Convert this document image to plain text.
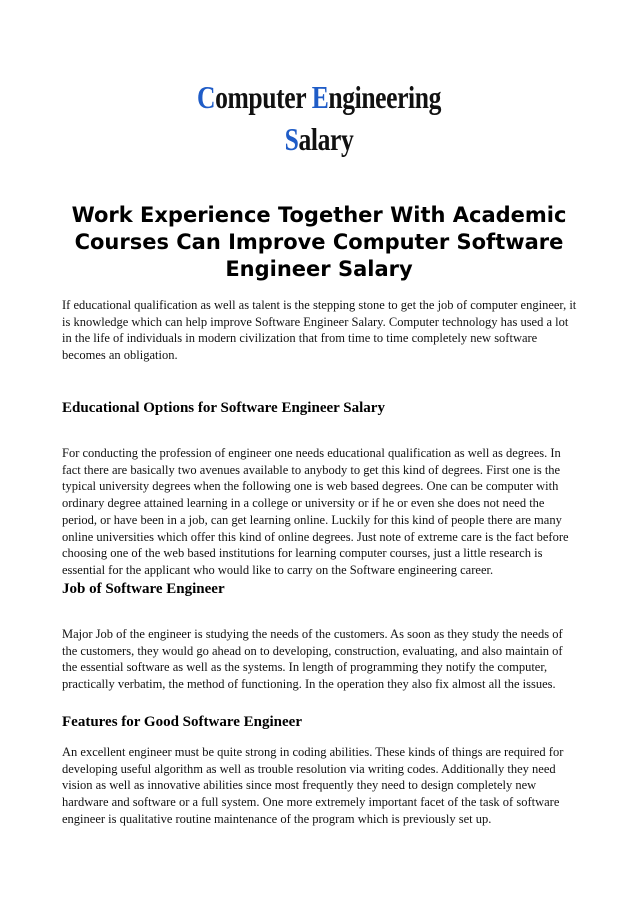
Computer Engineering
Salary
Work Experience Together With Academic Courses Can Improve Computer Software Engineer Salary

If educational qualification as well as talent is the stepping stone to get the job of computer engineer, it is knowledge which can help improve Software Engineer Salary. Computer technology has used a lot in the life of individuals in modern civilization that from time to time completely new software becomes an obligation.

Educational Options for Software Engineer Salary

For conducting the profession of engineer one needs educational qualification as well as degrees. In fact there are basically two avenues available to anybody to get this kind of degrees. First one is the typical university degrees when the following one is web based degrees. One can be computer with ordinary degree attained learning in a college or university or if he or even she does not need the period, or have been in a job, can get learning online. Luckily for this kind of people there are many online universities which offer this kind of online degrees. Just note of extreme care is the fact before choosing one of the web based institutions for learning computer courses, just a little research is essential for the applicant who would like to carry on the Software engineering career.

Job of Software Engineer

Major Job of the engineer is studying the needs of the customers. As soon as they study the needs of the customers, they would go ahead on to developing, construction, evaluating, and also maintain of the essential software as well as the systems. In length of programming they notify the computer, practically verbatim, the method of functioning. In the operation they also fix almost all the issues.

Features for Good Software Engineer

An excellent engineer must be quite strong in coding abilities. These kinds of things are required for developing useful algorithm as well as trouble resolution via writing codes. Additionally they need vision as well as innovative abilities since most frequently they need to design completely new hardware and software or a full system. One more extremely important facet of the task of software engineer is qualitative routine maintenance of the program which is previously set up.
